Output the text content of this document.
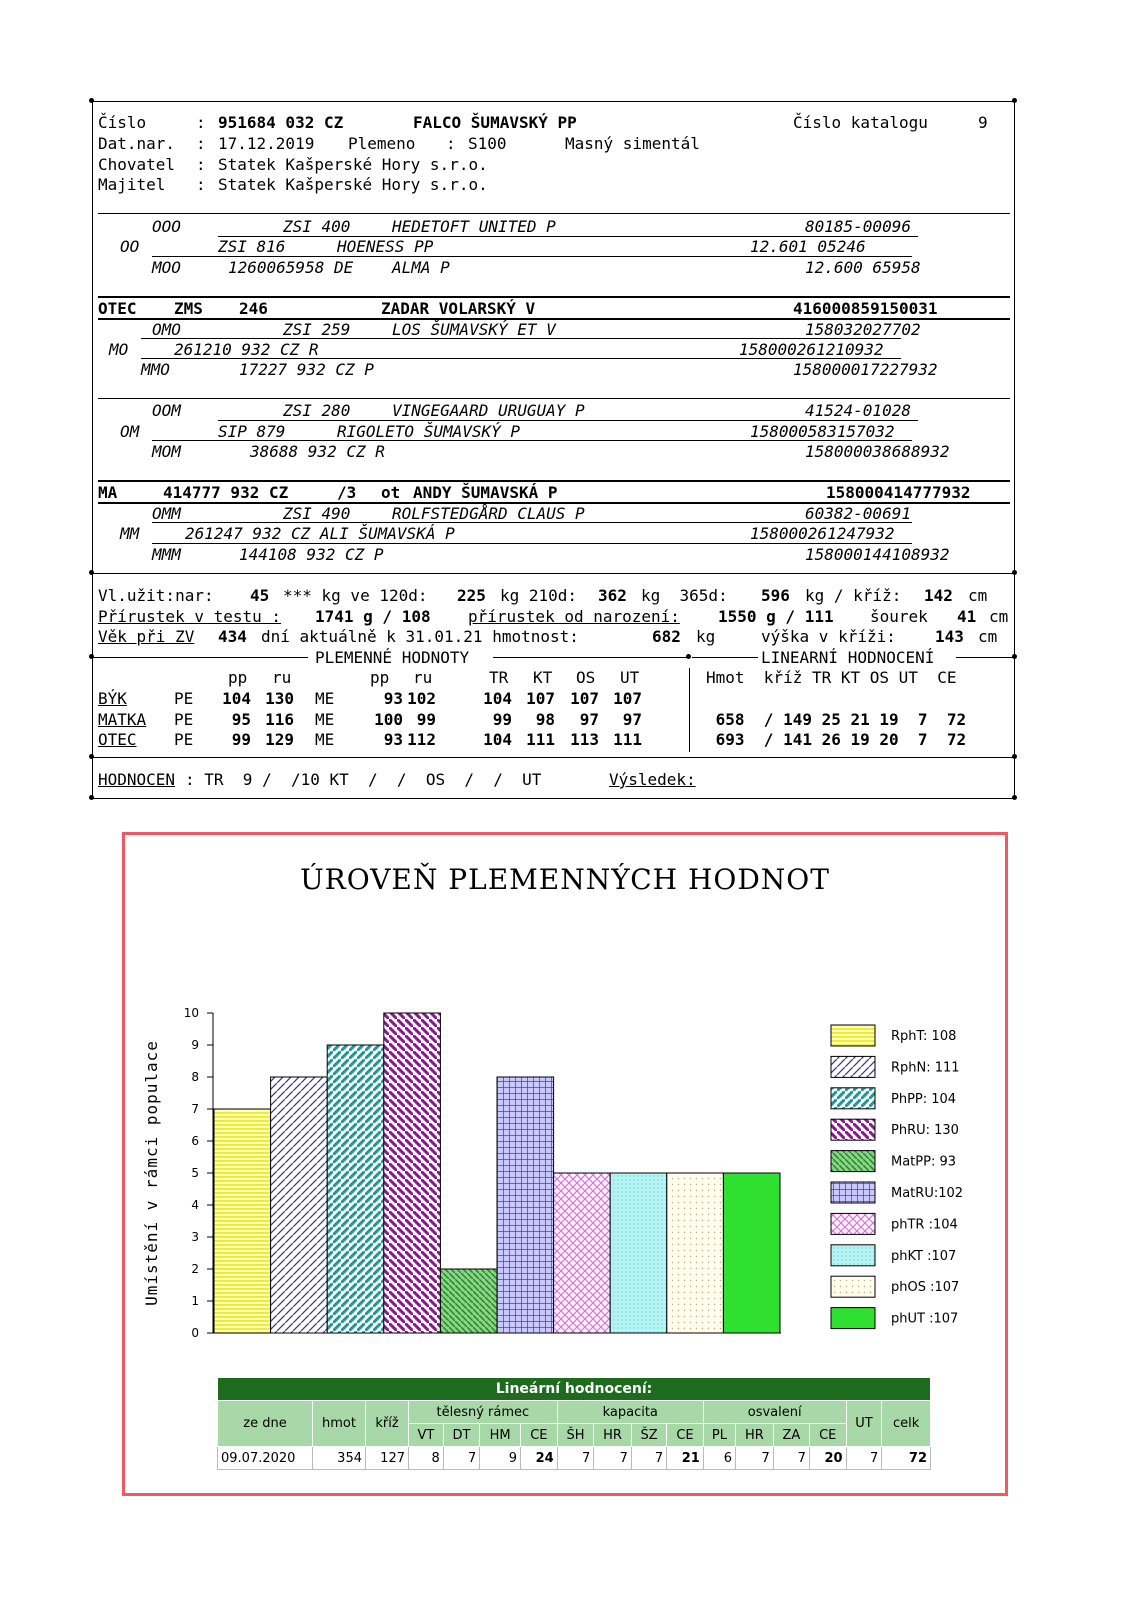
Číslo	: 951684 032 CZ	FALCO ŠUMAVSKÝ PP	Číslo katalogu	9
Dat.nar. : 17.12.2019 Plemeno : S100	Masný simentál
Chovatel : Statek Kašperské Hory s.r.o.
Majitel : Statek Kašperské Hory s.r.o.
OOO	ZSI 400	HEDETOFT UNITED P	80185-00096
OO	ZSI 816	HOENESS PP	12.601 05246
MOO	1260065958 DE ALMA P	12.600 65958
OTEC ZMS 246	ZADAR VOLARSKÝ V	416000859150031
OMO	ZSI 259	LOS ŠUMAVSKÝ ET V	158032027702
MO	261210 932 CZ R	158000261210932
MMO	17227 932 CZ P	158000017227932
OOM	ZSI 280	VINGEGAARD URUGUAY P	41524-01028
OM	SIP 879	RIGOLETO ŠUMAVSKÝ P	158000583157032
MOM	38688 932 CZ R	158000038688932
MA	414777 932 CZ	/3 ot ANDY ŠUMAVSKÁ P	158000414777932
OMM	ZSI 490	ROLFSTEDGÅRD CLAUS P	60382-00691
MM	261247 932 CZ ALI ŠUMAVSKÁ P	158000261247932
MMM	144108 932 CZ P	158000144108932
Vl.užit:nar: 45 *** kg ve 120d: 225 kg 210d: 362 kg  365d: 596 kg / kříž: 142 cm
Přírustek v testu : 1741 g / 108 přírustek od narození: 1550 g / 111 šourek 41 cm
Věk při ZV 434 dní aktuálně k 31.01.21 hmotnost:	682 kg	výška v kříži: 143 cm
PLEMENNÉ HODNOTY	LINEARNÍ HODNOCENÍ
pp ru	pp ru	TR KT OS UT	Hmot  kříž TR KT OS UT  CE
BÝK	PE 104 130 ME	93 102	104 107 107 107
MATKA PE	95 116 ME 100 99	99	98	97	97	658  / 149 25 21 19  7  72
OTEC PE	99 129 ME	93 112	104 111 113 111	693  / 141 26 19 20  7  72
HODNOCEN : TR  9 /  /10 KT  /  /  OS  /  /  UT	Výsledek:
ÚROVEŇ PLEMENNÝCH HODNOT
0
1
2
3
4
5
6
7
8
9
10
Umístění v rámci populace
RphT: 108
RphN: 111
PhPP: 104
PhRU: 130
MatPP: 93
MatRU:102
phTR :104
phKT :107
phOS :107
phUT :107
Lineární hodnocení:																
ze dne	hmot	kříž	tělesný rámec				kapacita				osvalení				UT	celk
			VT	DT	HM	CE	ŠH	HR	ŠZ	CE	PL	HR	ZA	CE		
09.07.2020	354	127	8	7	9	24	7	7	7	21	6	7	7	20	7	72
